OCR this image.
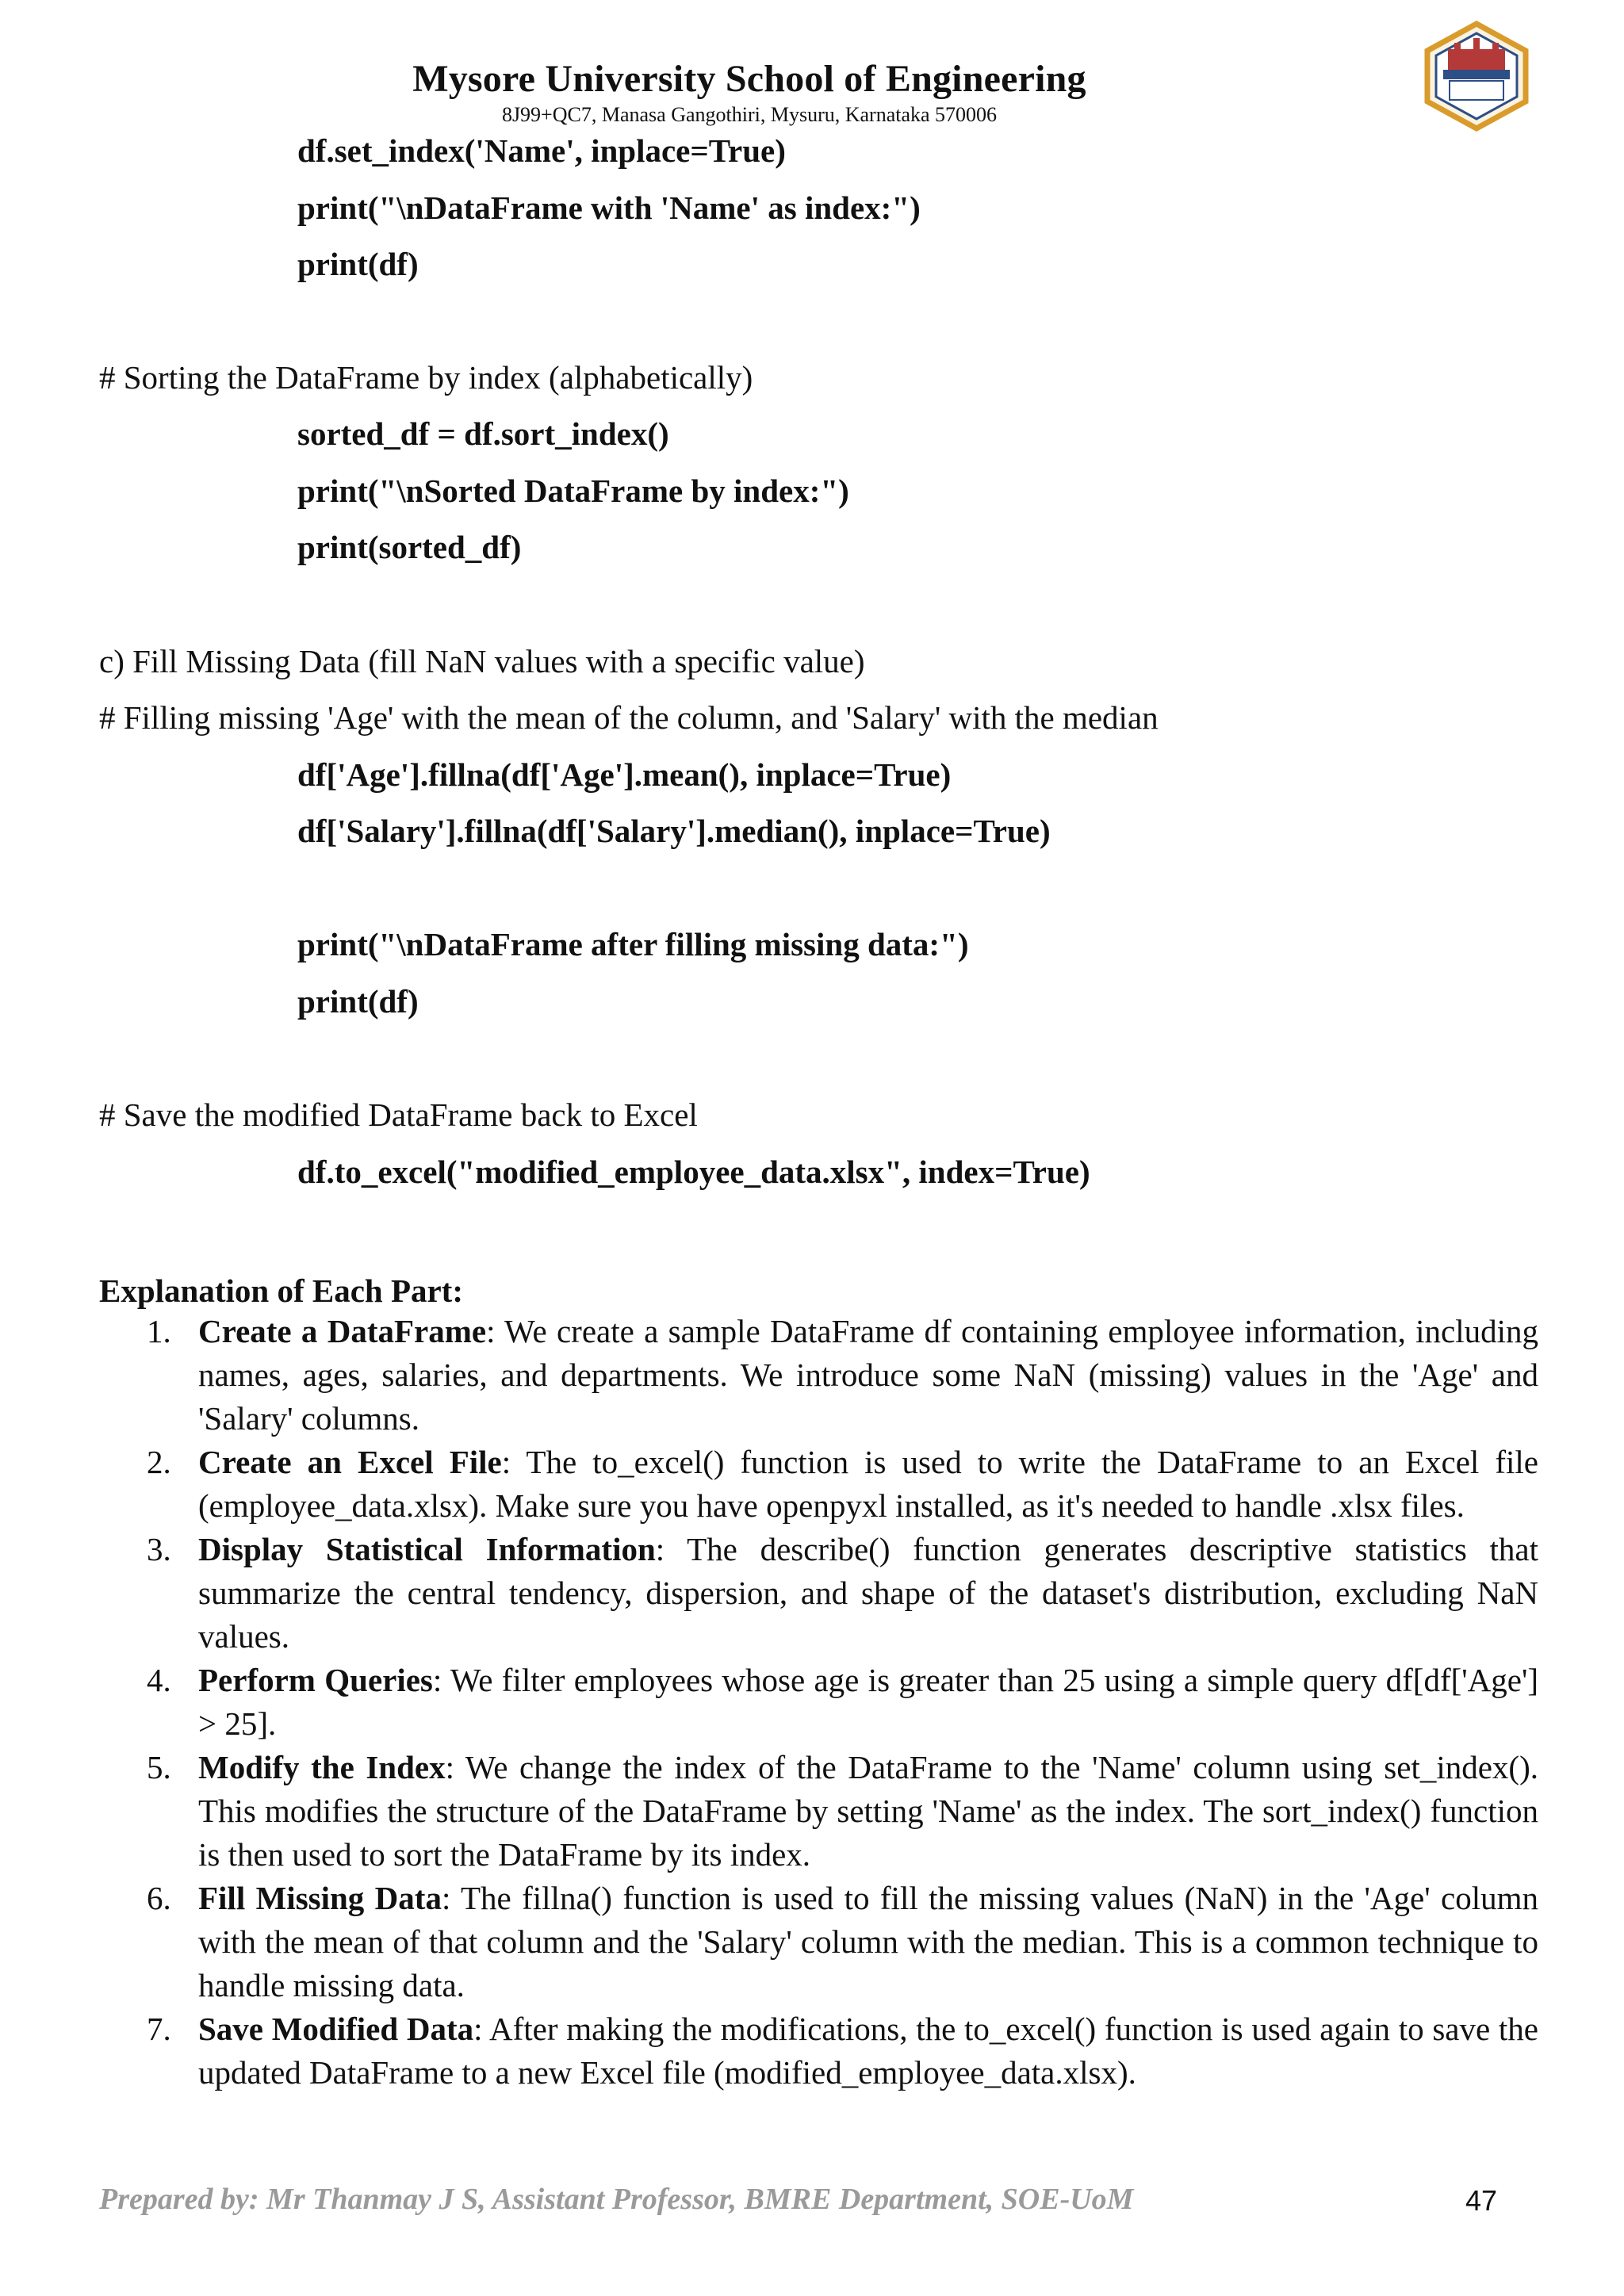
Mysore University School of Engineering
8J99+QC7, Manasa Gangothiri, Mysuru, Karnataka 570006
df.set_index('Name', inplace=True)
print("\nDataFrame with 'Name' as index:")
print(df)
# Sorting the DataFrame by index (alphabetically)
sorted_df = df.sort_index()
print("\nSorted DataFrame by index:")
print(sorted_df)
c) Fill Missing Data (fill NaN values with a specific value)
# Filling missing 'Age' with the mean of the column, and 'Salary' with the median
df['Age'].fillna(df['Age'].mean(), inplace=True)
df['Salary'].fillna(df['Salary'].median(), inplace=True)
print("\nDataFrame after filling missing data:")
print(df)
# Save the modified DataFrame back to Excel
df.to_excel("modified_employee_data.xlsx", index=True)
Explanation of Each Part:
1. Create a DataFrame: We create a sample DataFrame df containing employee information, including names, ages, salaries, and departments. We introduce some NaN (missing) values in the 'Age' and 'Salary' columns.
2. Create an Excel File: The to_excel() function is used to write the DataFrame to an Excel file (employee_data.xlsx). Make sure you have openpyxl installed, as it's needed to handle .xlsx files.
3. Display Statistical Information: The describe() function generates descriptive statistics that summarize the central tendency, dispersion, and shape of the dataset's distribution, excluding NaN values.
4. Perform Queries: We filter employees whose age is greater than 25 using a simple query df[df['Age'] > 25].
5. Modify the Index: We change the index of the DataFrame to the 'Name' column using set_index(). This modifies the structure of the DataFrame by setting 'Name' as the index. The sort_index() function is then used to sort the DataFrame by its index.
6. Fill Missing Data: The fillna() function is used to fill the missing values (NaN) in the 'Age' column with the mean of that column and the 'Salary' column with the median. This is a common technique to handle missing data.
7. Save Modified Data: After making the modifications, the to_excel() function is used again to save the updated DataFrame to a new Excel file (modified_employee_data.xlsx).
Prepared by: Mr Thanmay J S, Assistant Professor, BMRE Department, SOE-UoM	47
